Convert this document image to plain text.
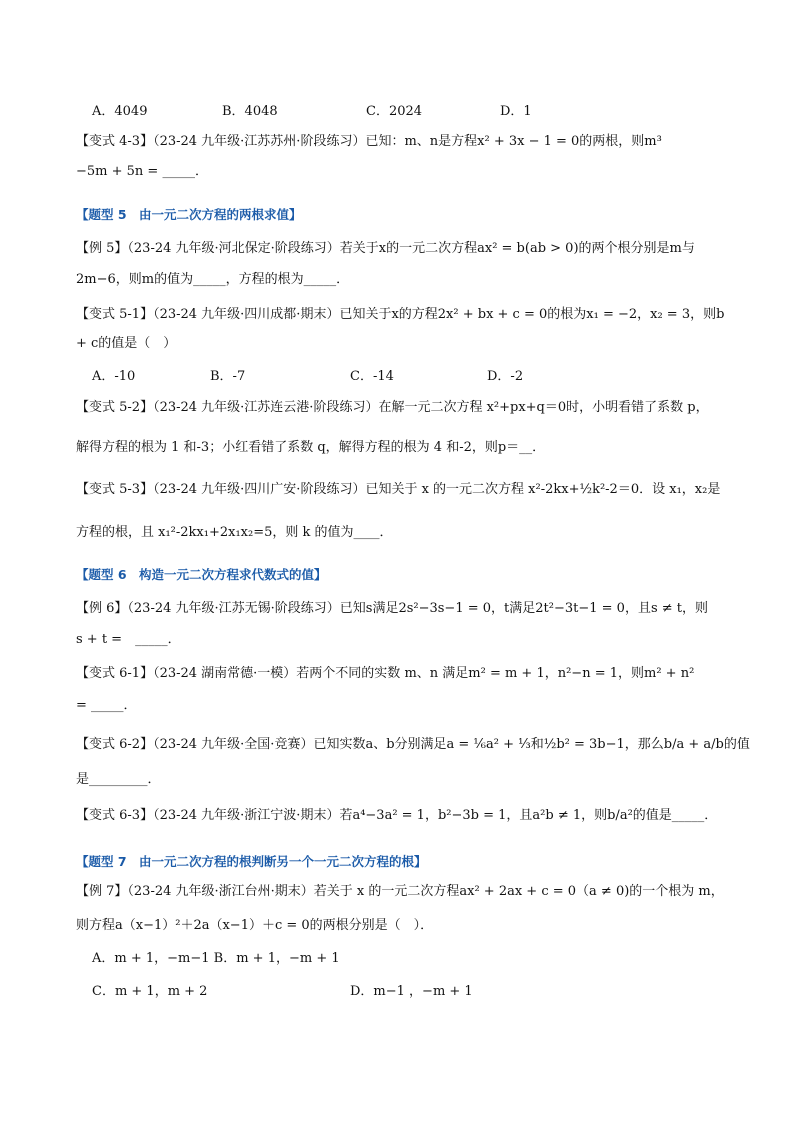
A．4049	B．4048	C．2024	D．1
【变式 4-3】（23-24 九年级·江苏苏州·阶段练习）已知：m、n是方程x² + 3x − 1 = 0的两根，则m³
−5m + 5n = _____．
【题型 5　由一元二次方程的两根求值】
【例 5】（23-24 九年级·河北保定·阶段练习）若关于x的一元二次方程ax² = b(ab > 0)的两个根分别是m与
2m−6，则m的值为_____，方程的根为_____．
【变式 5-1】（23-24 九年级·四川成都·期末）已知关于x的方程2x² + bx + c = 0的根为x₁ = −2，x₂ = 3，则b
+ c的值是（　）
A．-10	B．-7	C．-14	D．-2
【变式 5-2】（23-24 九年级·江苏连云港·阶段练习）在解一元二次方程 x²+px+q＝0时，小明看错了系数 p，
解得方程的根为 1 和-3；小红看错了系数 q，解得方程的根为 4 和-2，则p＝__．
【变式 5-3】（23-24 九年级·四川广安·阶段练习）已知关于 x 的一元二次方程 x²-2kx+½k²-2＝0．设 x₁，x₂是
方程的根，且 x₁²-2kx₁+2x₁x₂=5，则 k 的值为____．
【题型 6　构造一元二次方程求代数式的值】
【例 6】（23-24 九年级·江苏无锡·阶段练习）已知s满足2s²−3s−1 = 0，t满足2t²−3t−1 = 0，且s ≠ t，则
s + t =　_____．
【变式 6-1】（23-24 湖南常德·一模）若两个不同的实数 m、n 满足m² = m + 1，n²−n = 1，则m² + n²
= _____．
【变式 6-2】（23-24 九年级·全国·竞赛）已知实数a、b分别满足a = ⅙a² + ⅓和½b² = 3b−1，那么b/a + a/b的值
是_________．
【变式 6-3】（23-24 九年级·浙江宁波·期末）若a⁴−3a² = 1，b²−3b = 1，且a²b ≠ 1，则b/a²的值是_____．
【题型 7　由一元二次方程的根判断另一个一元二次方程的根】
【例 7】（23-24 九年级·浙江台州·期末）若关于 x 的一元二次方程ax² + 2ax + c = 0（a ≠ 0)的一个根为 m，
则方程a（x−1）²＋2a（x−1）＋c = 0的两根分别是（　）．
A．m + 1，−m−1 B．m + 1，−m + 1
C．m + 1，m + 2	D．m−1 ，−m + 1
